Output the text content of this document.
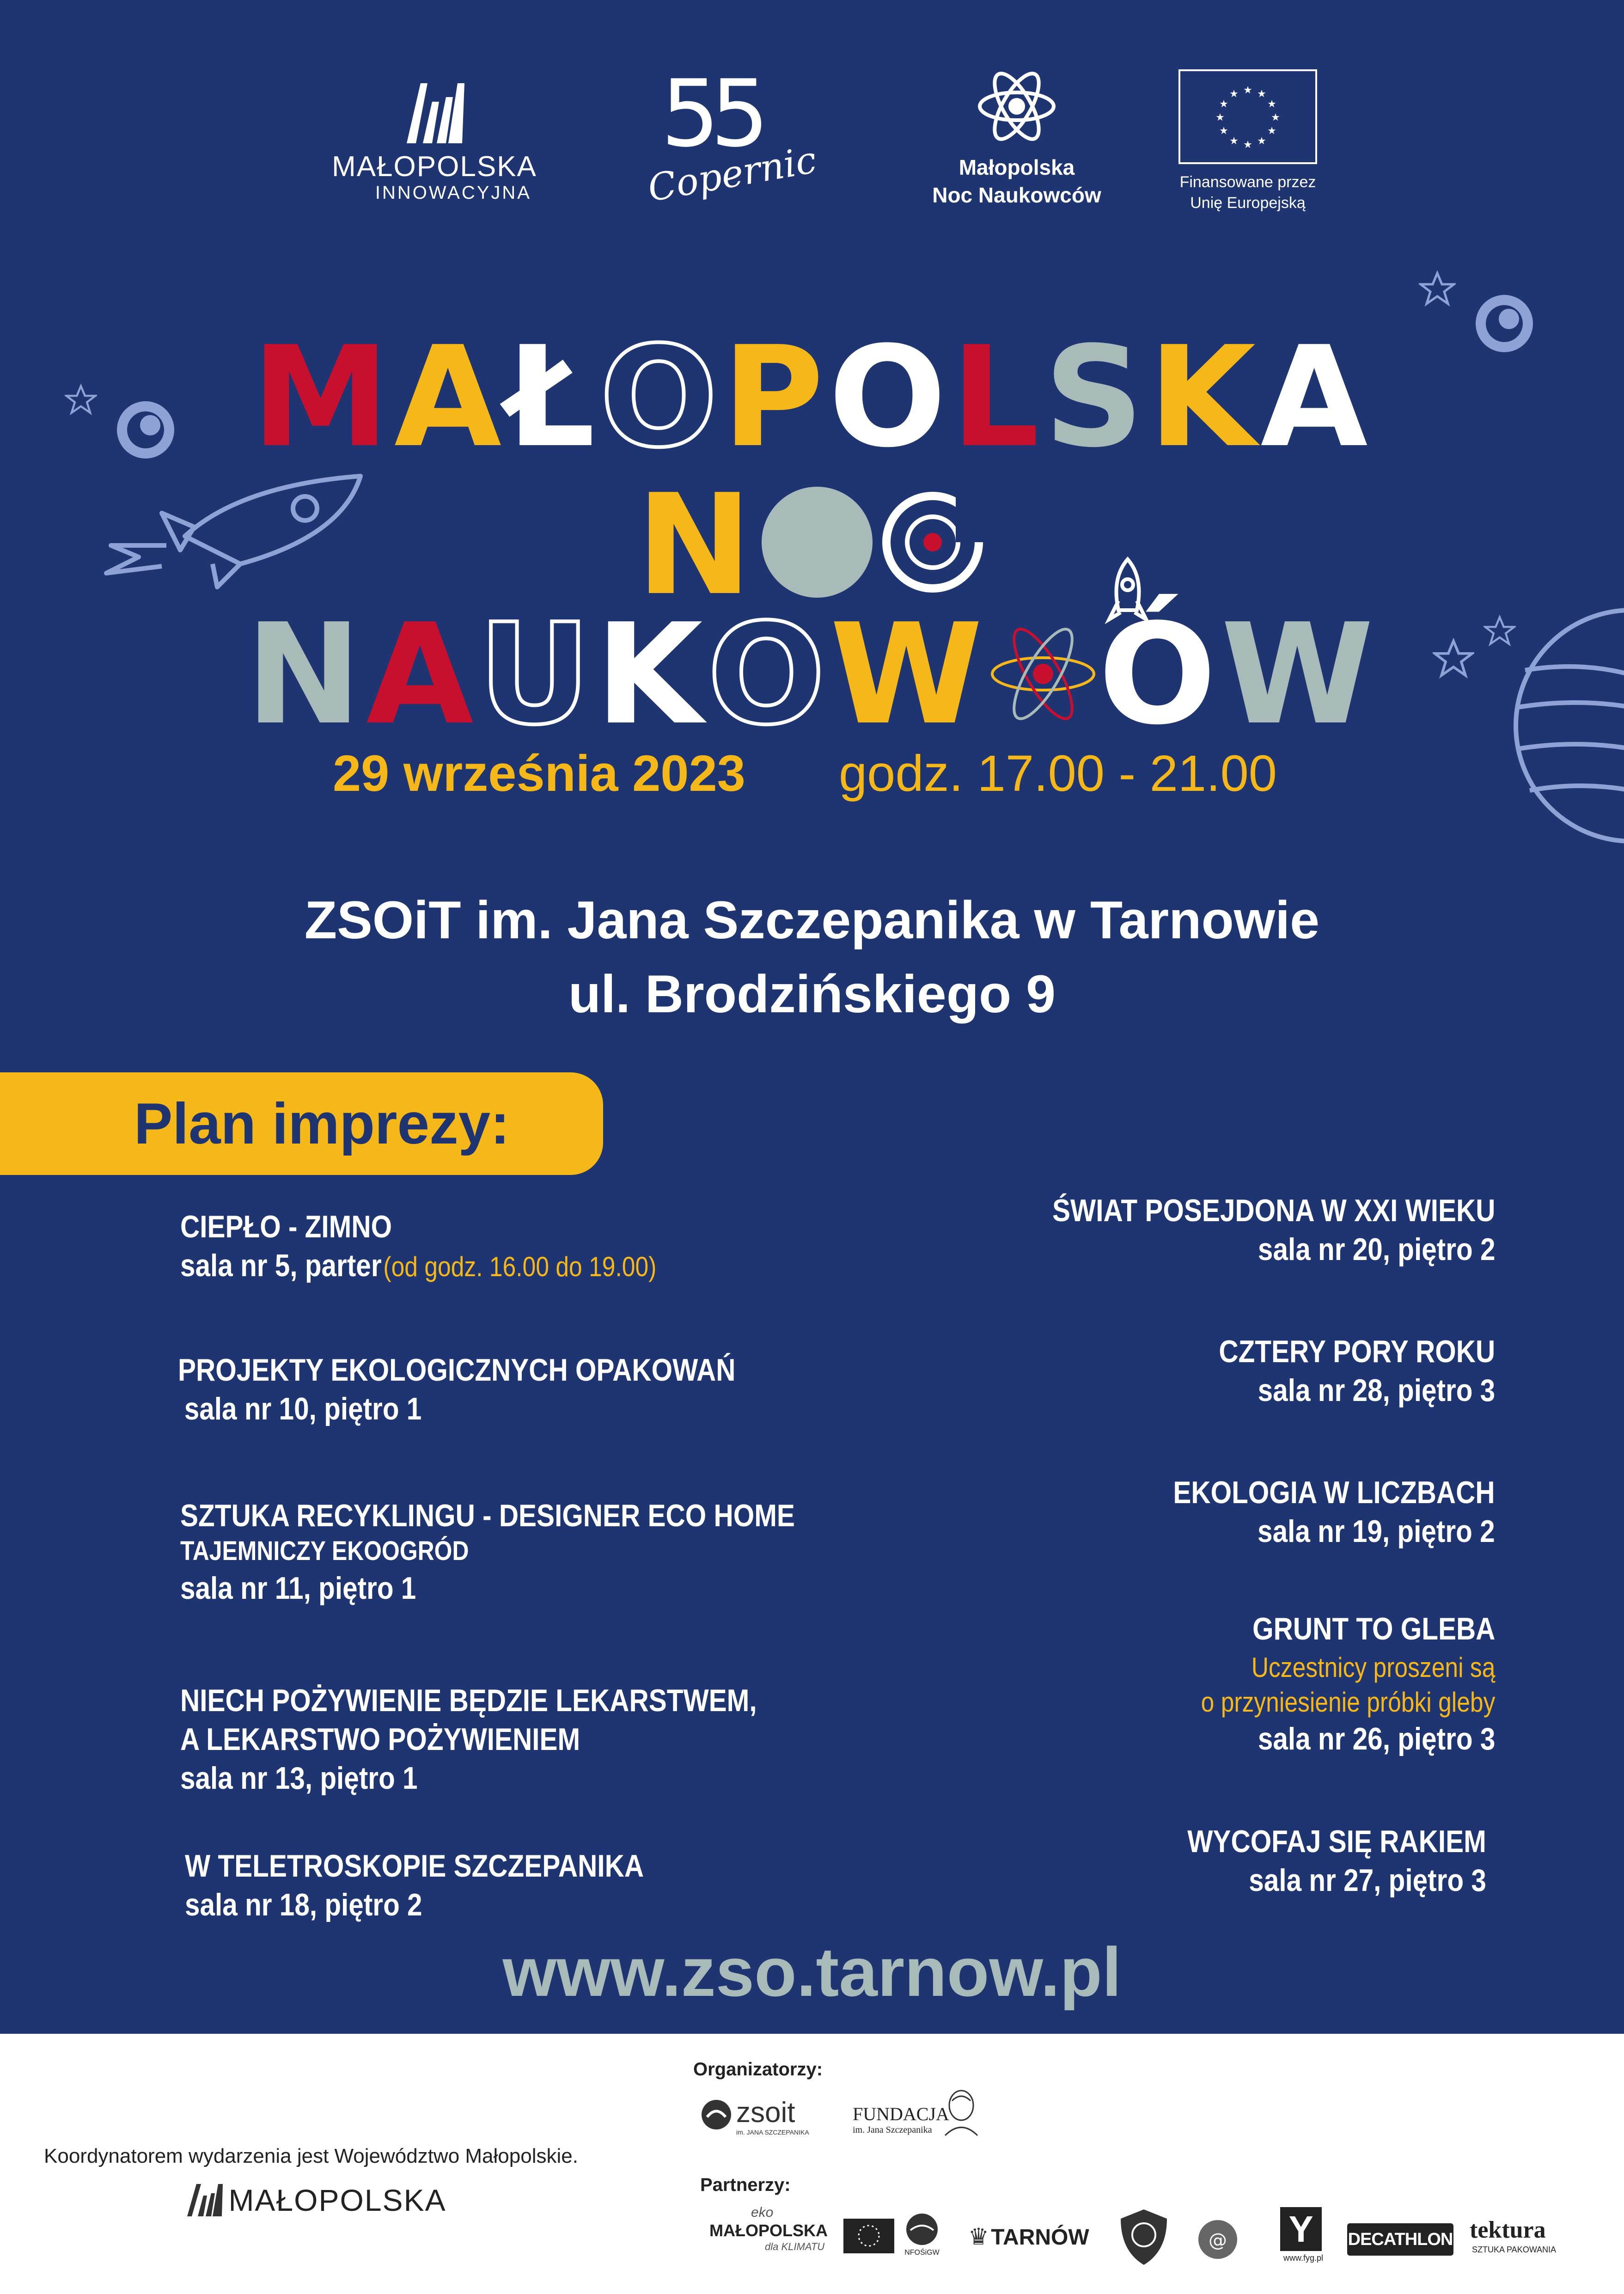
MAŁOPOLSKA
INNOWACYJNA
55
Copernic	Małopolska
Noc Naukowców
★ ★
★
★
★
★
★
★
★
★
★
★
Finansowane przez
Unię Europejską
MAŁOPOLSKA
N
NAUKOW ÓW
29 września 2023 godz. 17.00 - 21.00
ZSOiT im. Jana Szczepanika w Tarnowie
ul. Brodzińskiego 9
Plan imprezy:
CIEPŁO - ZIMNO
sala nr 5, parter (od godz. 16.00 do 19.00)
PROJEKTY EKOLOGICZNYCH OPAKOWAŃ
sala nr 10, piętro 1
SZTUKA RECYKLINGU - DESIGNER ECO HOME
TAJEMNICZY EKOOGRÓD
sala nr 11, piętro 1
NIECH POŻYWIENIE BĘDZIE LEKARSTWEM,
A LEKARSTWO POŻYWIENIEM
sala nr 13, piętro 1
W TELETROSKOPIE SZCZEPANIKA
sala nr 18, piętro 2
ŚWIAT POSEJDONA W XXI WIEKU
sala nr 20, piętro 2
CZTERY PORY ROKU
sala nr 28, piętro 3
EKOLOGIA W LICZBACH
sala nr 19, piętro 2
GRUNT TO GLEBA
Uczestnicy proszeni są
o przyniesienie próbki gleby
sala nr 26, piętro 3
WYCOFAJ SIĘ RAKIEM
sala nr 27, piętro 3
www.zso.tarnow.pl
Koordynatorem wydarzenia jest Województwo Małopolskie.
MAŁOPOLSKA
Organizatorzy:
zsoit
im. JANA SZCZEPANIKA
FUNDACJA
im. Jana Szczepanika
Partnerzy:
eko
MAŁOPOLSKA
dla KLIMATU
NFOŚiGW
♛ TARNÓW	@ Y
www.fyg.pl
DECATHLON tektura
SZTUKA PAKOWANIA
